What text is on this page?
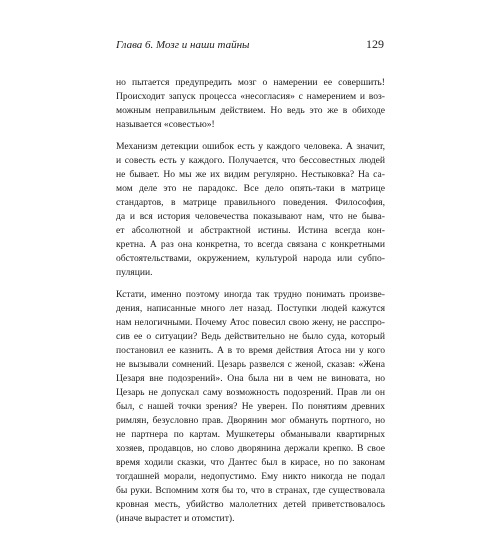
Глава 6. Мозг и наши тайны	129
но пытается предупредить мозг о намерении ее совершить!
Происходит запуск процесса «несогласия» с намерением и воз-
можным неправильным действием. Но ведь это же в обиходе
называется «совестью»!
Механизм детекции ошибок есть у каждого человека. А значит,
и совесть есть у каждого. Получается, что бессовестных людей
не бывает. Но мы же их видим регулярно. Нестыковка? На са-
мом деле это не парадокс. Все дело опять-таки в матрице
стандартов, в матрице правильного поведения. Философия,
да и вся история человечества показывают нам, что не быва-
ет абсолютной и абстрактной истины. Истина всегда кон-
кретна. А раз она конкретна, то всегда связана с конкретными
обстоятельствами, окружением, культурой народа или субпо-
пуляции.
Кстати, именно поэтому иногда так трудно понимать произве-
дения, написанные много лет назад. Поступки людей кажутся
нам нелогичными. Почему Атос повесил свою жену, не расспро-
сив ее о ситуации? Ведь действительно не было суда, который
постановил ее казнить. А в то время действия Атоса ни у кого
не вызывали сомнений. Цезарь развелся с женой, сказав: «Жена
Цезаря вне подозрений». Она была ни в чем не виновата, но
Цезарь не допускал саму возможность подозрений. Прав ли он
был, с нашей точки зрения? Не уверен. По понятиям древних
римлян, безусловно прав. Дворянин мог обмануть портного, но
не партнера по картам. Мушкетеры обманывали квартирных
хозяев, продавцов, но слово дворянина держали крепко. В свое
время ходили сказки, что Дантес был в кирасе, но по законам
тогдашней морали, недопустимо. Ему никто никогда не подал
бы руки. Вспомним хотя бы то, что в странах, где существовала
кровная месть, убийство малолетних детей приветствовалось
(иначе вырастет и отомстит).
